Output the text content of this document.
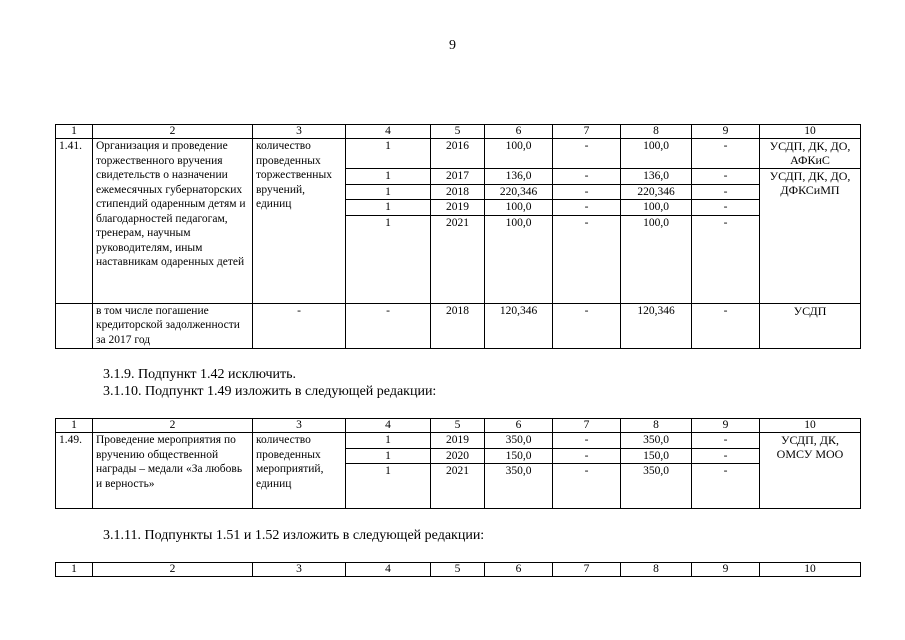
9
1	2	3	4	5	6	7	8	9	10
1.41.	Организация и проведение торжественного вручения свидетельств о назначении ежемесячных губернаторских стипендий одаренным детям и благодарностей педагогам, тренерам, научным руководителям, иным наставникам одаренных детей	количество проведенных торжественных вручений, единиц	1	2016	100,0	-	100,0	-	УСДП, ДК, ДО, АФКиС
			1	2017	136,0	-	136,0	-	УСДП, ДК, ДО, ДФКСиМП
			1	2018	220,346	-	220,346	-	
			1	2019	100,0	-	100,0	-	
			1	2021	100,0	-	100,0	-	

	в том числе погашение кредиторской задолженности за 2017 год	-	-	2018	120,346	-	120,346	-	УСДП
3.1.9. Подпункт 1.42 исключить.
3.1.10. Подпункт 1.49 изложить в следующей редакции:
1	2	3	4	5	6	7	8	9	10
1.49.	Проведение мероприятия по вручению общественной награды – медали «За любовь и верность»	количество проведенных мероприятий, единиц	1	2019	350,0	-	350,0	-	УСДП, ДК, ОМСУ МОО
			1	2020	150,0	-	150,0	-	
			1	2021	350,0	-	350,0	-	
3.1.11. Подпункты 1.51 и 1.52 изложить в следующей редакции:
1	2	3	4	5	6	7	8	9	10
